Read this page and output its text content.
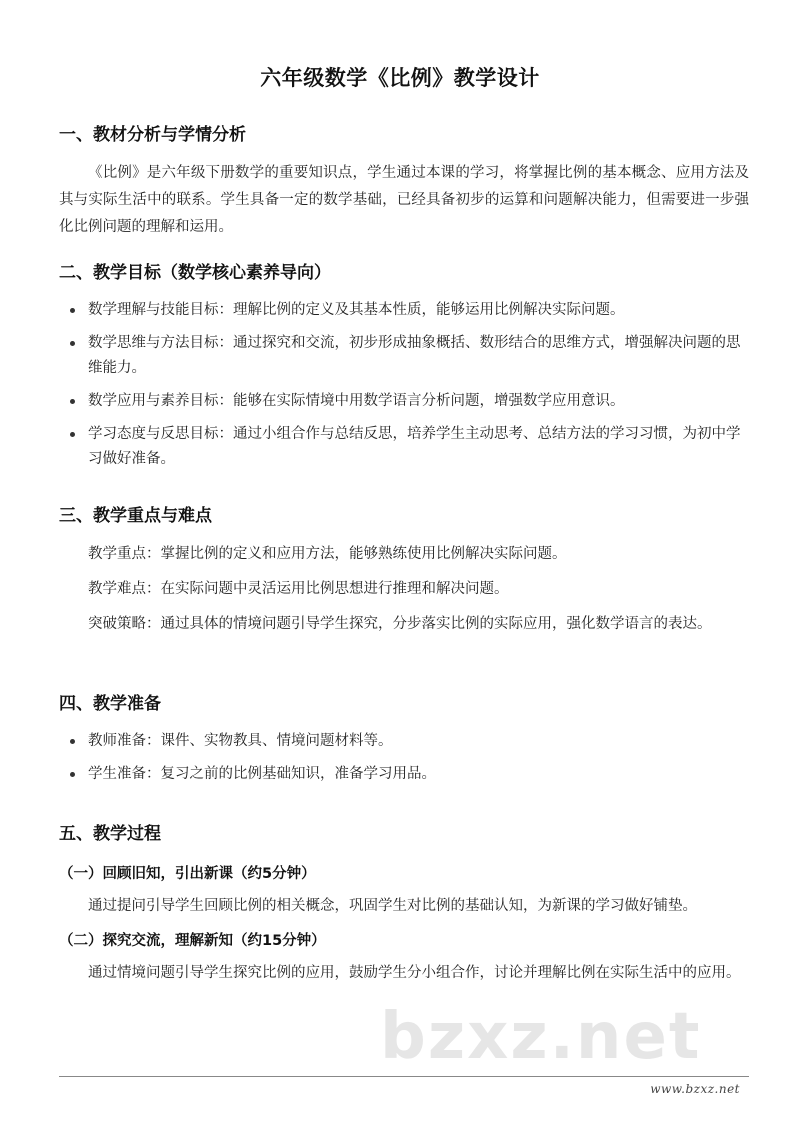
六年级数学《比例》教学设计
一、教材分析与学情分析

《比例》是六年级下册数学的重要知识点，学生通过本课的学习，将掌握比例的基本概念、应用方法及其与实际生活中的联系。学生具备一定的数学基础，已经具备初步的运算和问题解决能力，但需要进一步强化比例问题的理解和运用。

二、教学目标（数学核心素养导向）
数学理解与技能目标：理解比例的定义及其基本性质，能够运用比例解决实际问题。
数学思维与方法目标：通过探究和交流，初步形成抽象概括、数形结合的思维方式，增强解决问题的思维能力。
数学应用与素养目标：能够在实际情境中用数学语言分析问题，增强数学应用意识。
学习态度与反思目标：通过小组合作与总结反思，培养学生主动思考、总结方法的学习习惯，为初中学习做好准备。
三、教学重点与难点

教学重点：掌握比例的定义和应用方法，能够熟练使用比例解决实际问题。

教学难点：在实际问题中灵活运用比例思想进行推理和解决问题。

突破策略：通过具体的情境问题引导学生探究，分步落实比例的实际应用，强化数学语言的表达。

四、教学准备
教师准备：课件、实物教具、情境问题材料等。
学生准备：复习之前的比例基础知识，准备学习用品。
五、教学过程
（一）回顾旧知，引出新课（约5分钟）

通过提问引导学生回顾比例的相关概念，巩固学生对比例的基础认知，为新课的学习做好铺垫。

（二）探究交流，理解新知（约15分钟）

通过情境问题引导学生探究比例的应用，鼓励学生分小组合作，讨论并理解比例在实际生活中的应用。

bzxz.net
www.bzxz.net
